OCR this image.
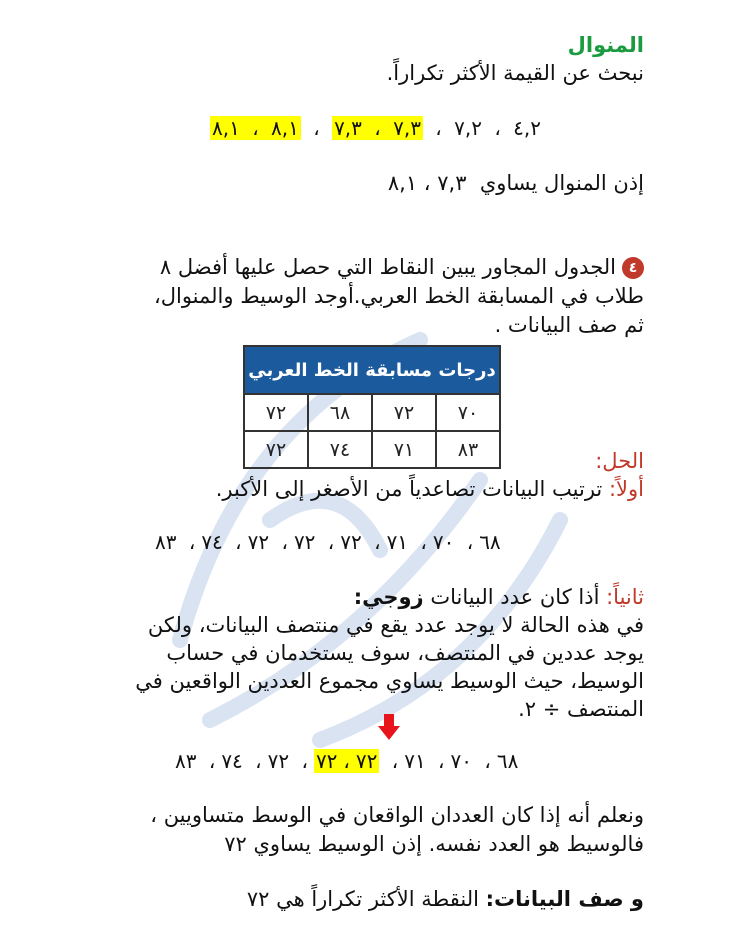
المنوال
نبحث عن القيمة الأكثر تكراراً.
٤,٢ ، ٧,٢ ، ٧,٣ ، ٧,٣ ، ٨,١ ، ٨,١
إذن المنوال يساوي  ٧,٣ ، ٨,١
٤الجدول المجاور يبين النقاط التي حصل عليها أفضل ٨
طلاب في المسابقة الخط العربي.أوجد الوسيط والمنوال،
ثم صف البيانات .
درجات مسابقة الخط العربي			
٧٠	٧٢	٦٨	٧٢
٨٣	٧١	٧٤	٧٢	الحل:
أولاً: ترتيب البيانات تصاعدياً من الأصغر إلى الأكبر.
٦٨، ٧٠، ٧١، ٧٢، ٧٢، ٧٢، ٧٤، ٨٣
ثانياً: أذا كان عدد البيانات زوجي:
في هذه الحالة لا يوجد عدد يقع في منتصف البيانات، ولكن
يوجد عددين في المنتصف، سوف يستخدمان في حساب
الوسيط، حيث الوسيط يساوي مجموع العددين الواقعين في
المنتصف ÷ ٢.
٦٨، ٧٠، ٧١، ٧٢ ، ٧٢، ٧٢، ٧٤، ٨٣
ونعلم أنه إذا كان العددان الواقعان في الوسط متساويين ،
فالوسيط هو العدد نفسه. إذن الوسيط يساوي ٧٢
و صف البيانات: النقطة الأكثر تكراراً هي ٧٢
